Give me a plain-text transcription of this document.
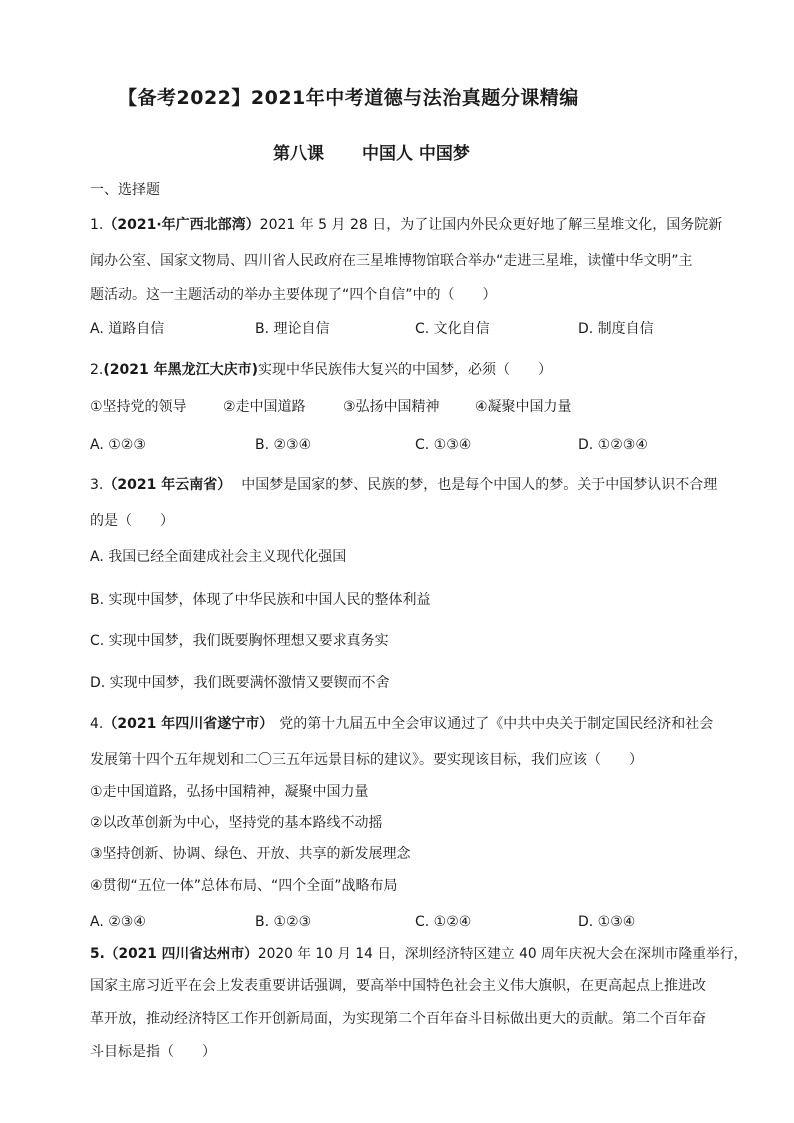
【备考2022】2021年中考道德与法治真题分课精编
第八课 中国人 中国梦
一、选择题
1.（2021·年广西北部湾）2021 年 5 月 28 日，为了让国内外民众更好地了解三星堆文化，国务院新
闻办公室、国家文物局、四川省人民政府在三星堆博物馆联合举办“走进三星堆，读懂中华文明”主
题活动。这一主题活动的举办主要体现了“四个自信”中的（　　）
A. 道路自信	B. 理论自信	C. 文化自信	D. 制度自信
2.(2021 年黑龙江大庆市)实现中华民族伟大复兴的中国梦，必须（　　）
①坚持党的领导	②走中国道路	③弘扬中国精神	④凝聚中国力量
A. ①②③	B. ②③④	C. ①③④	D. ①②③④
3.（2021 年云南省） 中国梦是国家的梦、民族的梦，也是每个中国人的梦。关于中国梦认识不合理
的是（　　）
A. 我国已经全面建成社会主义现代化强国
B. 实现中国梦，体现了中华民族和中国人民的整体利益
C. 实现中国梦，我们既要胸怀理想又要求真务实
D. 实现中国梦，我们既要满怀激情又要锲而不舍
4.（2021 年四川省遂宁市） 党的第十九届五中全会审议通过了《中共中央关于制定国民经济和社会
发展第十四个五年规划和二〇三五年远景目标的建议》。要实现该目标，我们应该（　　）
①走中国道路，弘扬中国精神，凝聚中国力量
②以改革创新为中心，坚持党的基本路线不动摇
③坚持创新、协调、绿色、开放、共享的新发展理念
④贯彻“五位一体”总体布局、“四个全面”战略布局
A. ②③④	B. ①②③	C. ①②④	D. ①③④
5.（2021 四川省达州市）2020 年 10 月 14 日，深圳经济特区建立 40 周年庆祝大会在深圳市隆重举行，
国家主席习近平在会上发表重要讲话强调，要高举中国特色社会主义伟大旗帜，在更高起点上推进改
革开放，推动经济特区工作开创新局面，为实现第二个百年奋斗目标做出更大的贡献。第二个百年奋
斗目标是指（　　）
